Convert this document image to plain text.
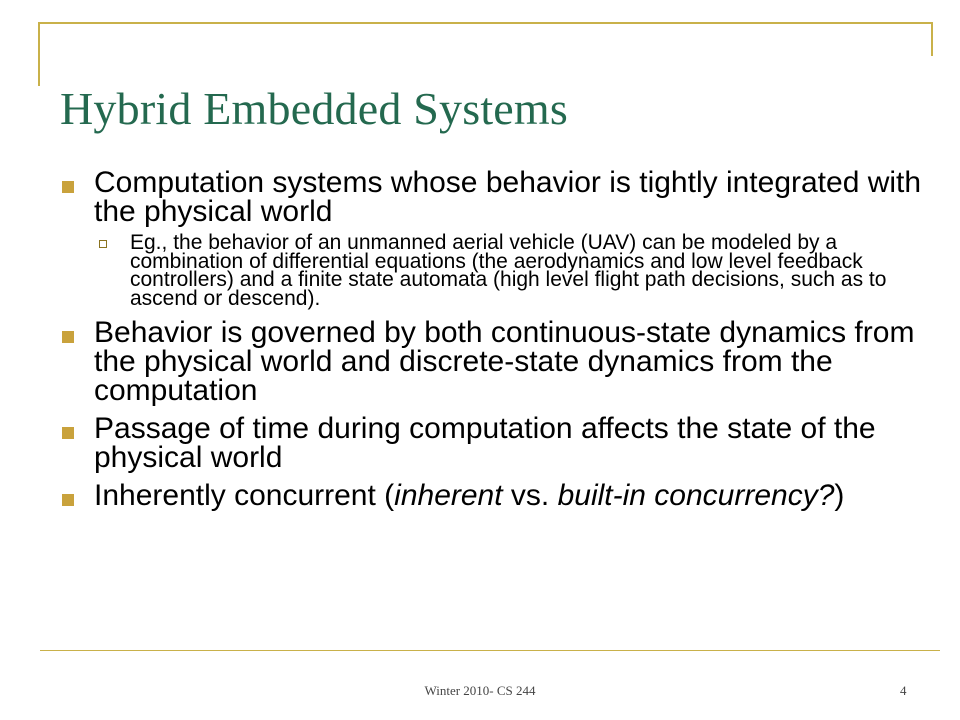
Hybrid Embedded Systems
Computation systems whose behavior is tightly integrated with the physical world
Eg., the behavior of an unmanned aerial vehicle (UAV) can be modeled by a combination of differential equations (the aerodynamics and low level feedback controllers) and a finite state automata (high level flight path decisions, such as to ascend or descend).
Behavior is governed by both continuous-state dynamics from the physical world and discrete-state dynamics from the computation
Passage of time during computation affects the state of the physical world
Inherently concurrent (inherent vs. built-in concurrency?)
Winter 2010- CS 244	4
